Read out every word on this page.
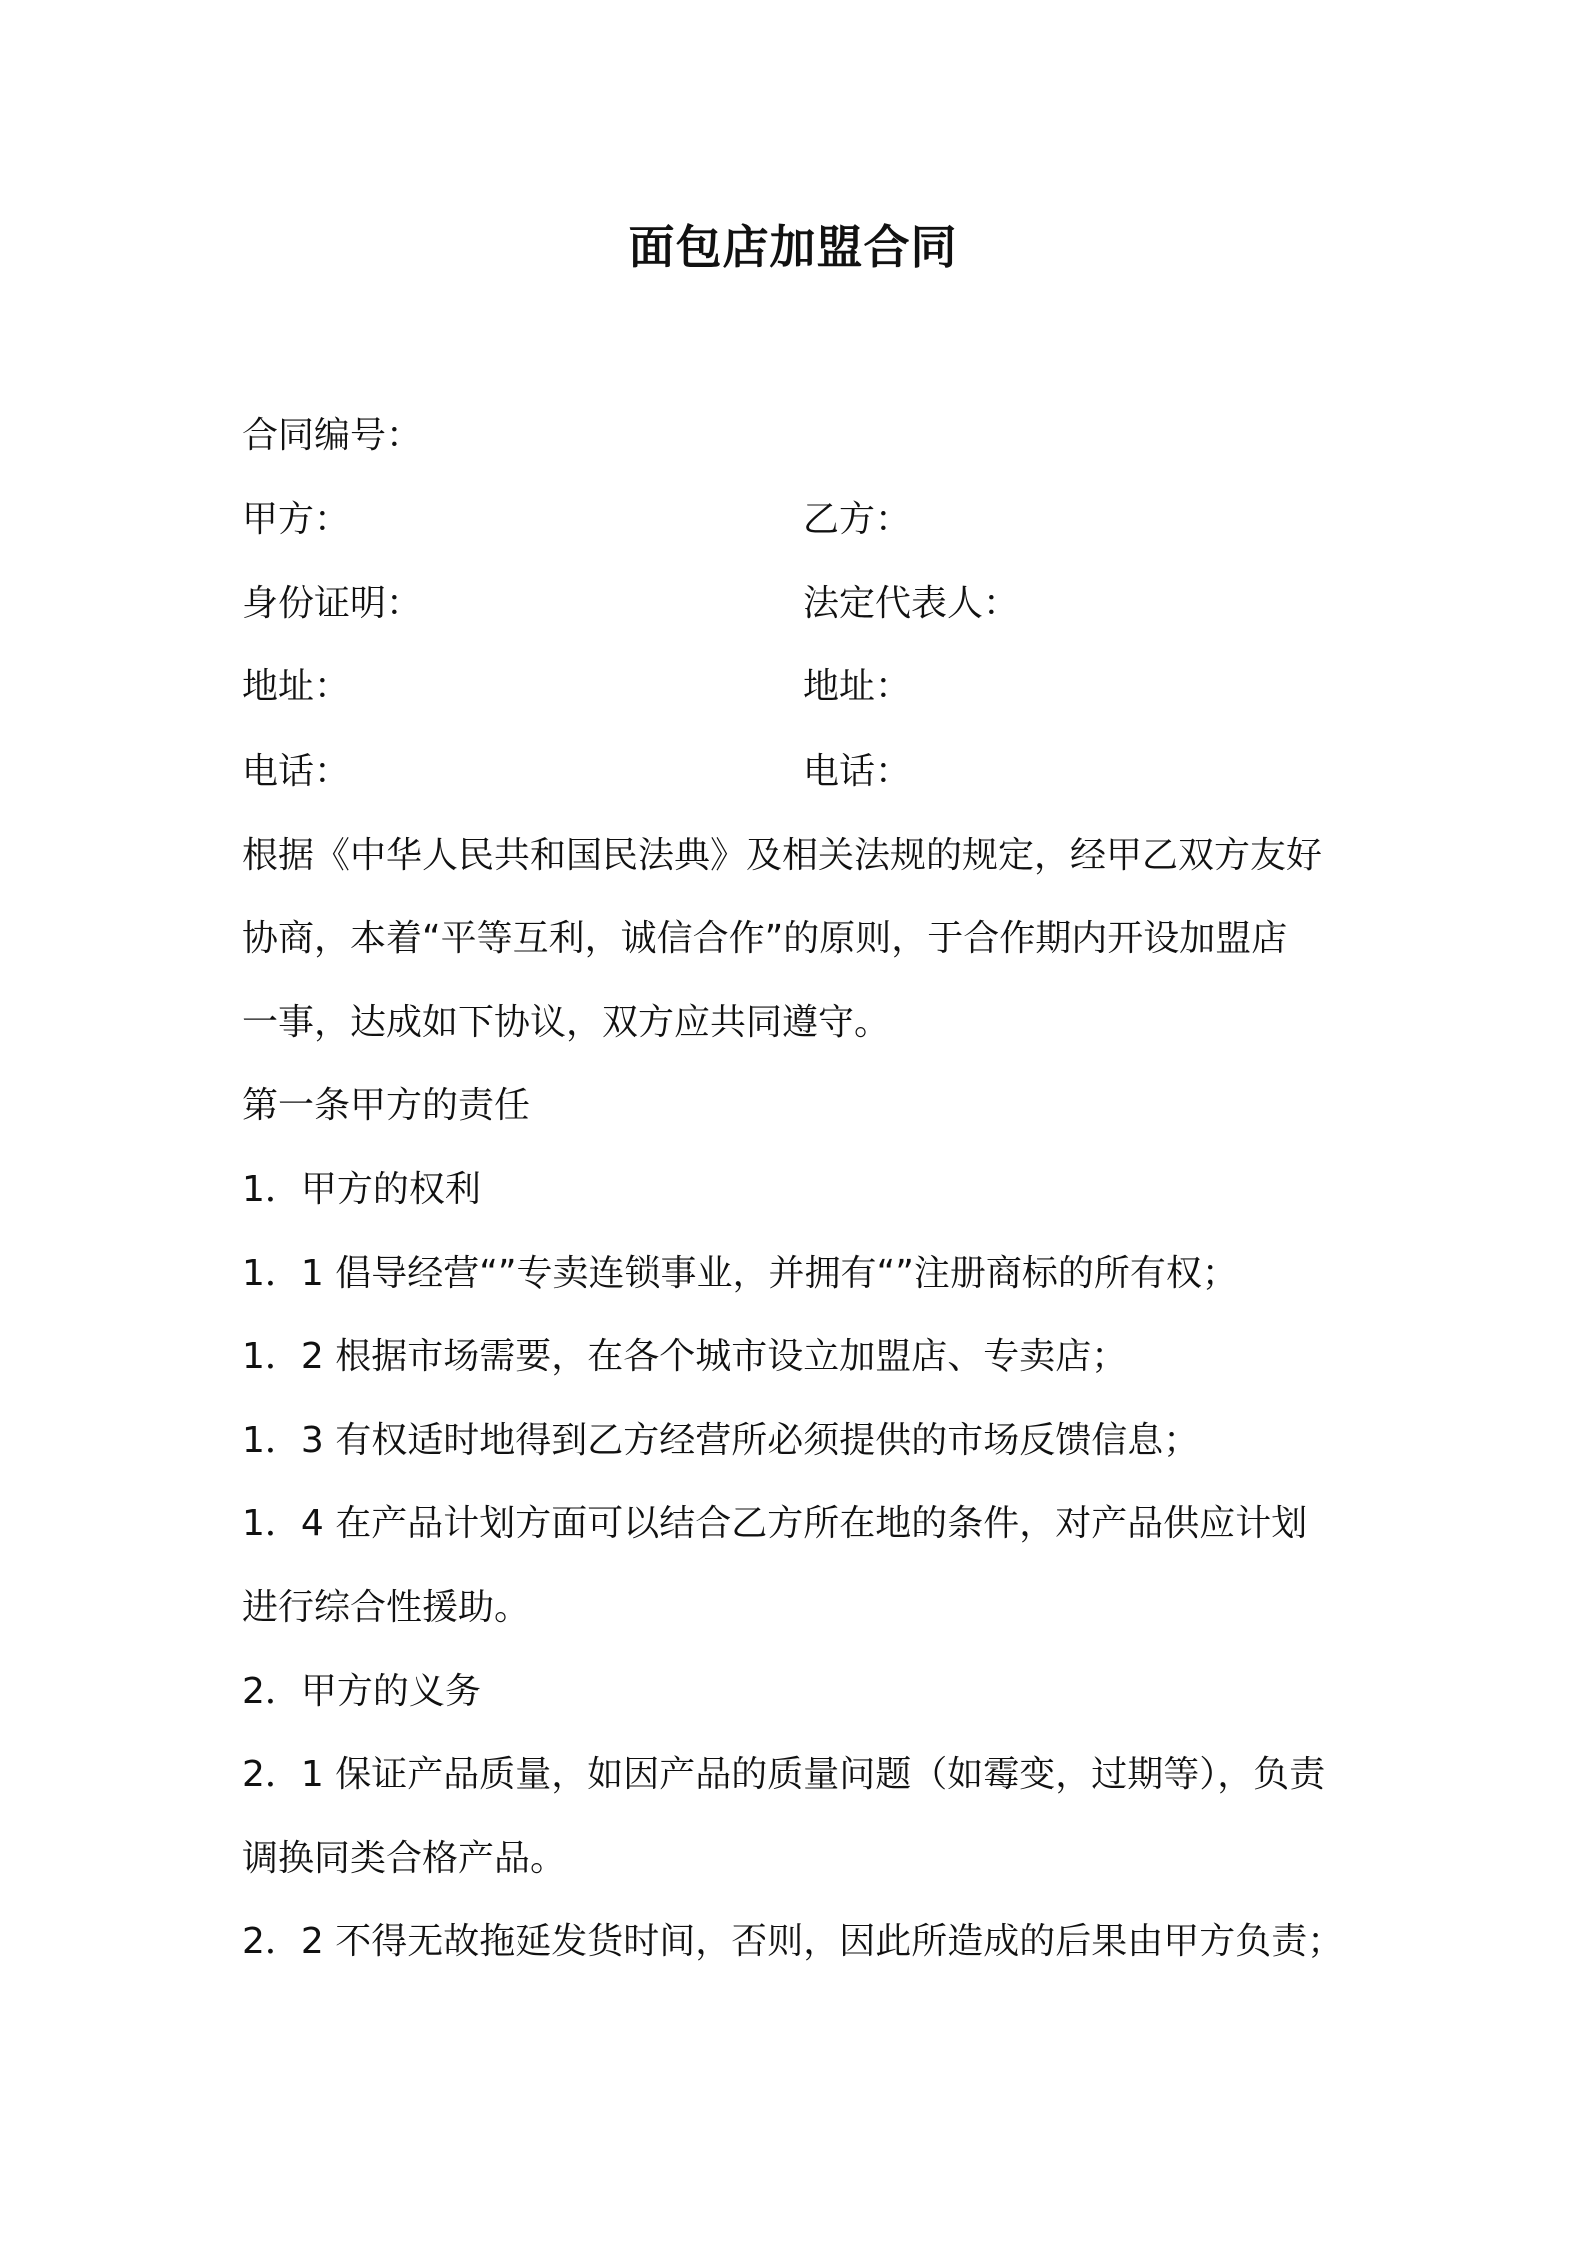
面包店加盟合同
合同编号：
甲方：	乙方：
身份证明：	法定代表人：
地址：	地址：
电话：	电话：
根据《中华人民共和国民法典》及相关法规的规定，经甲乙双方友好
协商，本着“平等互利，诚信合作”的原则，于合作期内开设加盟店
一事，达成如下协议，双方应共同遵守。
第一条甲方的责任
1．甲方的权利
1．1 倡导经营“”专卖连锁事业，并拥有“”注册商标的所有权；
1．2 根据市场需要，在各个城市设立加盟店、专卖店；
1．3 有权适时地得到乙方经营所必须提供的市场反馈信息；
1．4 在产品计划方面可以结合乙方所在地的条件，对产品供应计划
进行综合性援助。
2．甲方的义务
2．1 保证产品质量，如因产品的质量问题（如霉变，过期等），负责
调换同类合格产品。
2．2 不得无故拖延发货时间，否则，因此所造成的后果由甲方负责；
